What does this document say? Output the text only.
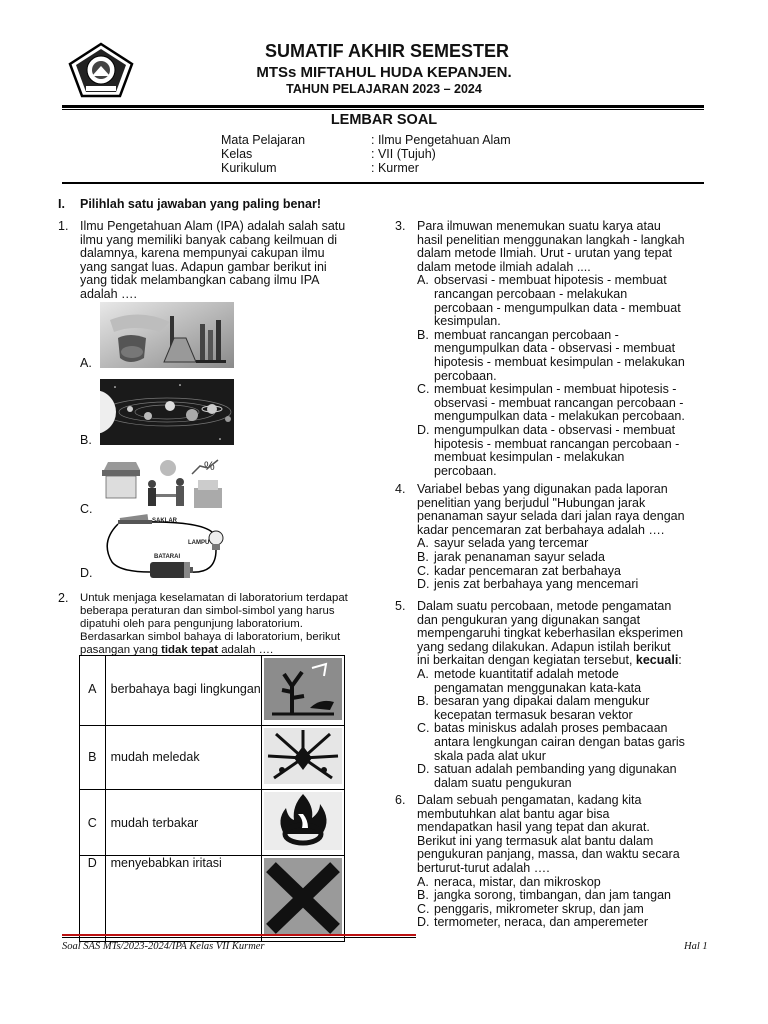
SUMATIF AKHIR SEMESTER
MTSs MIFTAHUL HUDA KEPANJEN.
TAHUN PELAJARAN 2023 – 2024
LEMBAR SOAL
Mata Pelajaran	: Ilmu Pengetahuan Alam
Kelas	: VII (Tujuh)
Kurikulum	: Kurmer
I.	Pilihlah satu jawaban yang paling benar!
1. Ilmu Pengetahuan Alam (IPA) adalah salah satu
ilmu yang memiliki banyak cabang keilmuan di
dalamnya, karena mempunyai cakupan ilmu
yang sangat luas. Adapun gambar berikut ini
yang tidak melambangkan cabang ilmu IPA
adalah ….
A.
B.
%
C.
SAKLAR
LAMPU
BATARAI
D.
2. Untuk menjaga keselamatan di laboratorium terdapat
beberapa peraturan dan simbol-simbol yang harus
dipatuhi oleh para pengunjung laboratorium.
Berdasarkan simbol bahaya di laboratorium, berikut
pasangan yang tidak tepat adalah ….
A	berbahaya bagi lingkungan	
B	mudah meledak	
C	mudah terbakar	
D	menyebabkan iritasi	
3. Para ilmuwan menemukan suatu karya atau
hasil penelitian menggunakan langkah - langkah
dalam metode Ilmiah. Urut - urutan yang tepat
dalam metode ilmiah adalah ....
A. observasi - membuat hipotesis - membuat
rancangan percobaan - melakukan
percobaan - mengumpulkan data - membuat
kesimpulan.
B. membuat rancangan percobaan -
mengumpulkan data - observasi - membuat
hipotesis - membuat kesimpulan - melakukan
percobaan.
C. membuat kesimpulan - membuat hipotesis -
observasi - membuat rancangan percobaan -
mengumpulkan data - melakukan percobaan.
D. mengumpulkan data - observasi - membuat
hipotesis - membuat rancangan percobaan -
membuat kesimpulan - melakukan
percobaan.
4. Variabel bebas yang digunakan pada laporan
penelitian yang berjudul "Hubungan jarak
penanaman sayur selada dari jalan raya dengan
kadar pencemaran zat berbahaya adalah ….
A. sayur selada yang tercemar
B. jarak penanaman sayur selada
C. kadar pencemaran zat berbahaya
D. jenis zat berbahaya yang mencemari
5. Dalam suatu percobaan, metode pengamatan
dan pengukuran yang digunakan sangat
mempengaruhi tingkat keberhasilan eksperimen
yang sedang dilakukan. Adapun istilah berikut
ini berkaitan dengan kegiatan tersebut, kecuali:
A. metode kuantitatif adalah metode
pengamatan menggunakan kata-kata
B. besaran yang dipakai dalam mengukur
kecepatan termasuk besaran vektor
C. batas miniskus adalah proses pembacaan
antara lengkungan cairan dengan batas garis
skala pada alat ukur
D. satuan adalah pembanding yang digunakan
dalam suatu pengukuran
6. Dalam sebuah pengamatan, kadang kita
membutuhkan alat bantu agar bisa
mendapatkan hasil yang tepat dan akurat.
Berikut ini yang termasuk alat bantu dalam
pengukuran panjang, massa, dan waktu secara
berturut-turut adalah ….
A. neraca, mistar, dan mikroskop
B. jangka sorong, timbangan, dan jam tangan
C. penggaris, mikrometer skrup, dan jam
D. termometer, neraca, dan amperemeter
Soal SAS MTs/2023-2024/IPA Kelas VII Kurmer	Hal 1
